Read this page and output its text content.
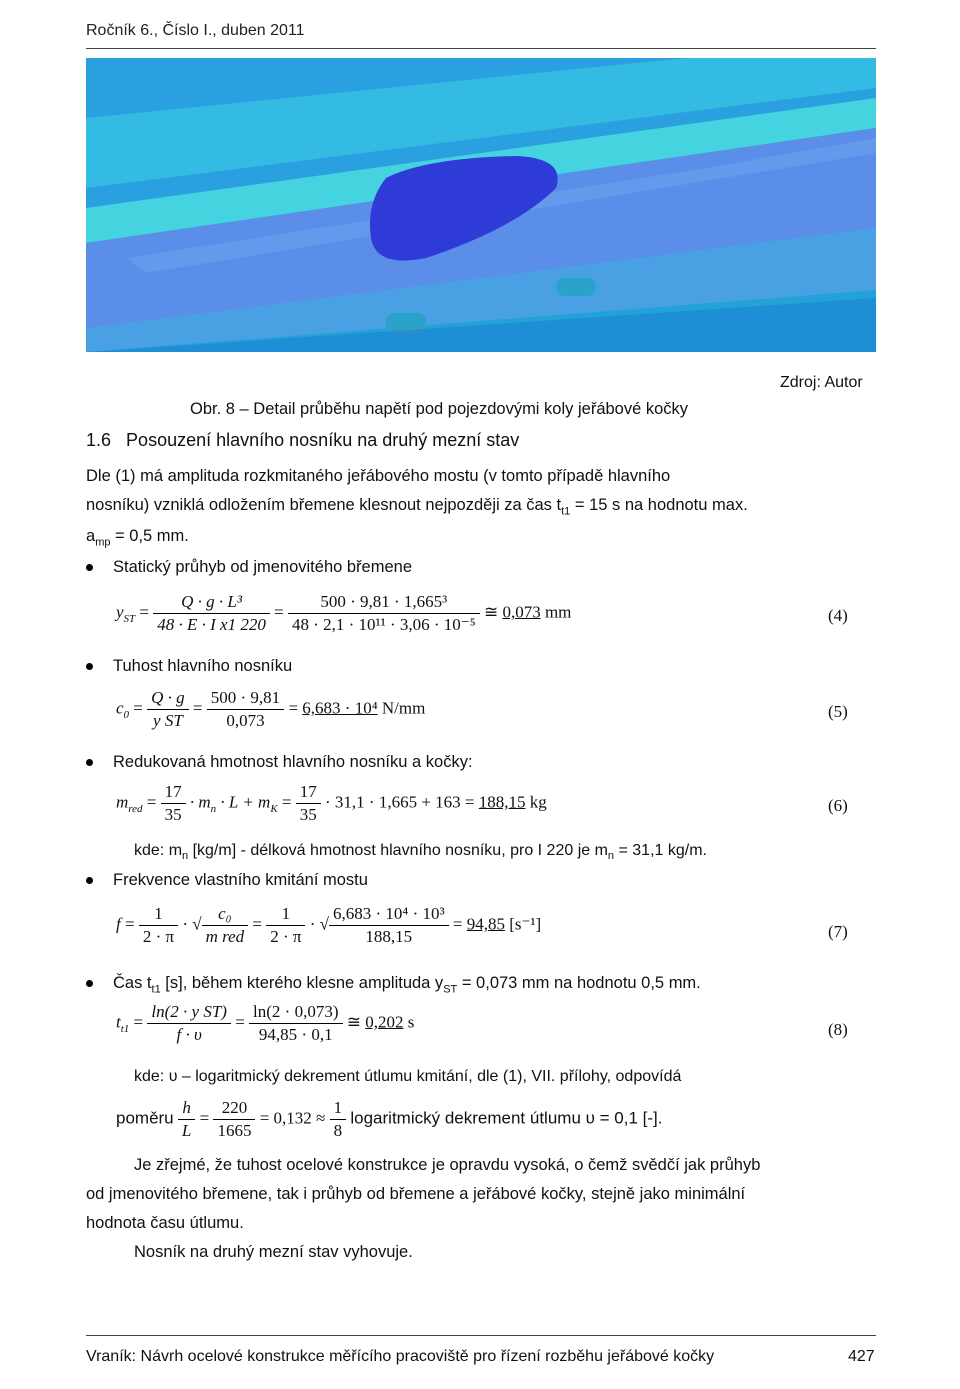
Ročník 6., Číslo I., duben 2011
Zdroj: Autor
Obr. 8 – Detail průběhu napětí pod pojezdovými koly jeřábové kočky
1.6 Posouzení hlavního nosníku na druhý mezní stav
Dle (1) má amplituda rozkmitaného jeřábového mostu (v tomto případě hlavního
nosníku) vzniklá odložením břemene klesnout nejpozději za čas $t_{t1} = 15$ s na hodnotu max.
$a_{mp} = 0,5$ mm.
Statický průhyb od jmenovitého břemene
$y_{ST} = \frac{\text{Q · g · L³}}{\text{48 · E · I x1 220}} = \frac{\text{500 · 9,81 · 1,665³}}{\text{48 · 2,1 · 10¹¹ · 3,06 · 10⁻⁵}}$ ≅ 0,073 mm	(4)
Tuhost hlavního nosníku
$c_0 = \frac{Q \cdot g}{\text{y ST}} = \frac{500 \cdot 9,81}{0,073} = 6,683 \cdot 10^4$ N/mm	(5)
Redukovaná hmotnost hlavního nosníku a kočky:
$m_{red} = \frac{17}{35} \cdot m_n \cdot L + m_K = \frac{17}{35} \cdot 31,1 \cdot 1,665 + 163 = 188,15$ kg	(6)
kde: $m_n$ [kg/m] - délková hmotnost hlavního nosníku, pro I 220 je $m_n = 31,1$ kg/m.
Frekvence vlastního kmitání mostu
$f = \frac{1}{2 \cdot \pi}$ · √ $\frac{\text{c₀}}{\text{m red}} = \frac{1}{2 \cdot \pi}$ · √ $\frac{\text{6,683 · 10⁴ · 10³}}{188,15} = 94,85$ [s⁻¹]	(7)
Čas $t_{t1}$ [s], během kterého klesne amplituda $y_{ST} = 0,073$ mm na hodnotu 0,5 mm.
$t_{t1} = \frac{\text{ln(2 · y ST)}}{f \cdot \upsilon} = \frac{\ln(2 \cdot 0,073)}{94,85 \cdot 0,1}$ ≅ 0,202 s	(8)
kde: υ – logaritmický dekrement útlumu kmitání, dle (1), VII. přílohy, odpovídá
poměru $\frac{h}{L} = \frac{220}{1665} = 0,132 \approx \frac{1}{8}$ logaritmický dekrement útlumu υ = 0,1 [-].
Je zřejmé, že tuhost ocelové konstrukce je opravdu vysoká, o čemž svědčí jak průhyb
od jmenovitého břemene, tak i průhyb od břemene a jeřábové kočky, stejně jako minimální
hodnota času útlumu.
Nosník na druhý mezní stav vyhovuje.
Vraník: Návrh ocelové konstrukce měřícího pracoviště pro řízení rozběhu jeřábové kočky	427
